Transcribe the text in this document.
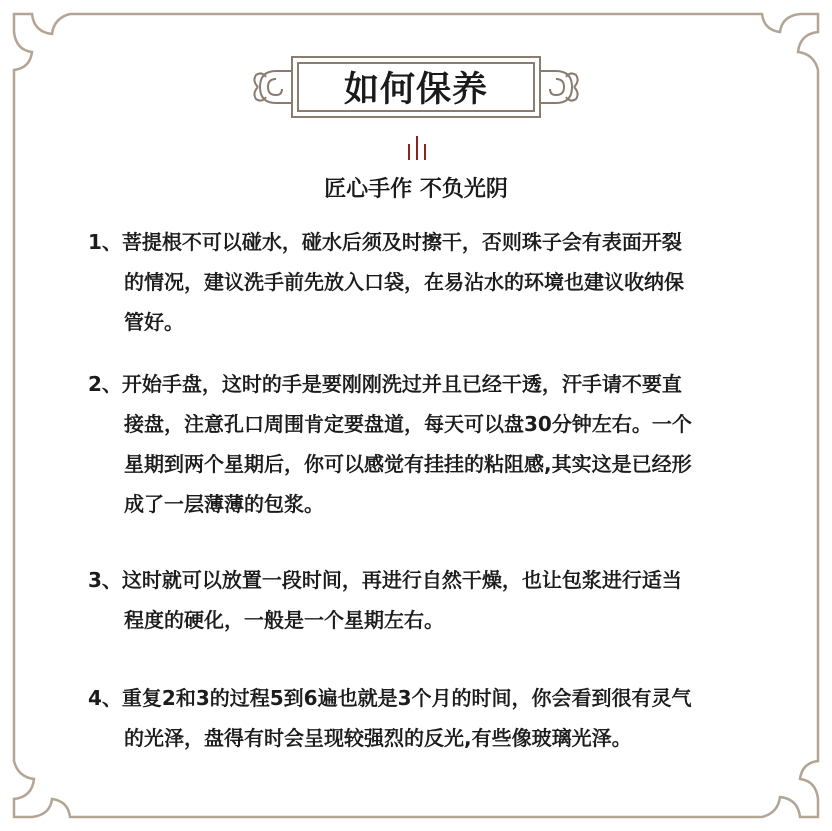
如何保养
匠心手作 不负光阴
1、菩提根不可以碰水，碰水后须及时擦干，否则珠子会有表面开裂
的情况，建议洗手前先放入口袋，在易沾水的环境也建议收纳保
管好。
2、开始手盘，这时的手是要刚刚洗过并且已经干透，汗手请不要直
接盘，注意孔口周围肯定要盘道，每天可以盘30分钟左右。一个
星期到两个星期后，你可以感觉有挂挂的粘阻感,其实这是已经形
成了一层薄薄的包浆。
3、这时就可以放置一段时间，再进行自然干燥，也让包浆进行适当
程度的硬化，一般是一个星期左右。
4、重复2和3的过程5到6遍也就是3个月的时间，你会看到很有灵气
的光泽，盘得有时会呈现较强烈的反光,有些像玻璃光泽。
